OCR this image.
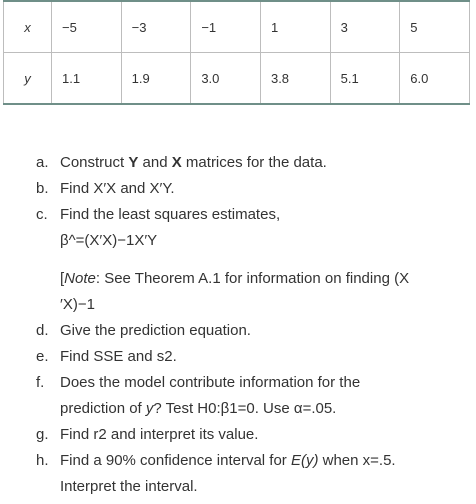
x	−5	−3	−1	1	3	5
y	1.1	1.9	3.0	3.8	5.1	6.0
a. Construct Y and X matrices for the data.
b. Find X′X and X′Y.
c. Find the least squares estimates,
β^=(X′X)−1X′Y
[Note: See Theorem A.1 for information on finding (X
′X)−1
d. Give the prediction equation.
e. Find SSE and s2.
f. Does the model contribute information for the
prediction of y? Test H0:β1=0. Use α=.05.
g. Find r2 and interpret its value.
h. Find a 90% confidence interval for E(y) when x=.5.
Interpret the interval.
